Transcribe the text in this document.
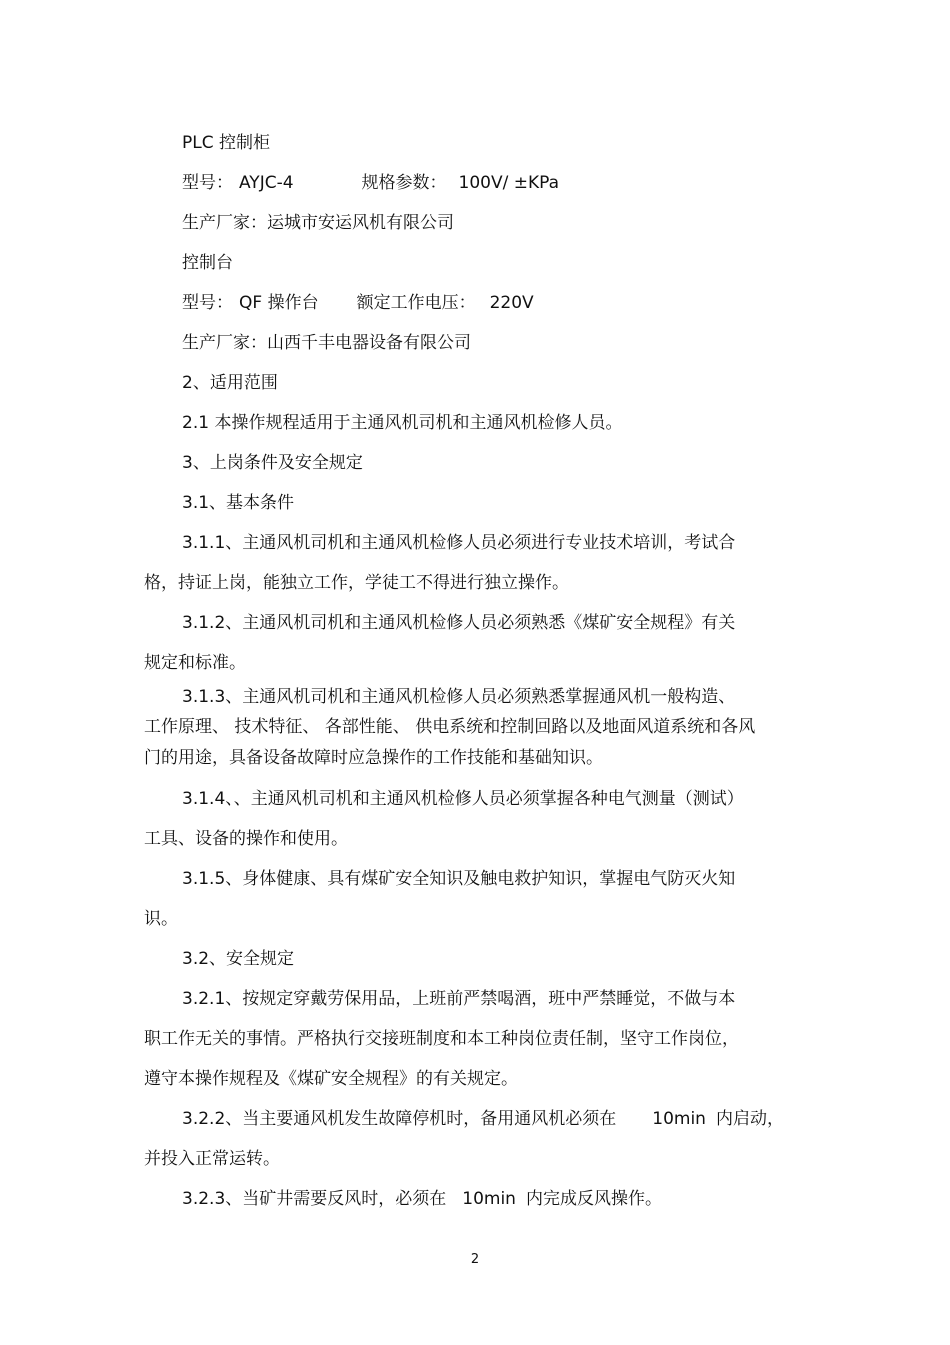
PLC 控制柜
型号： AYJC-4	规格参数： 100V/ ±KPa
生产厂家：运城市安运风机有限公司
控制台
型号： QF 操作台 额定工作电压： 220V
生产厂家：山西千丰电器设备有限公司
2、适用范围
2.1 本操作规程适用于主通风机司机和主通风机检修人员。
3、上岗条件及安全规定
3.1、基本条件
3.1.1、主通风机司机和主通风机检修人员必须进行专业技术培训，考试合
格，持证上岗，能独立工作，学徒工不得进行独立操作。
3.1.2、主通风机司机和主通风机检修人员必须熟悉《煤矿安全规程》有关
规定和标准。
3.1.3、主通风机司机和主通风机检修人员必须熟悉掌握通风机一般构造、
工作原理、 技术特征、 各部性能、 供电系统和控制回路以及地面风道系统和各风
门的用途，具备设备故障时应急操作的工作技能和基础知识。
3.1.4、、主通风机司机和主通风机检修人员必须掌握各种电气测量（测试）
工具、设备的操作和使用。
3.1.5、身体健康、具有煤矿安全知识及触电救护知识，掌握电气防灭火知
识。
3.2、安全规定
3.2.1、按规定穿戴劳保用品，上班前严禁喝酒，班中严禁睡觉，不做与本
职工作无关的事情。严格执行交接班制度和本工种岗位责任制，坚守工作岗位，
遵守本操作规程及《煤矿安全规程》的有关规定。
3.2.2、当主要通风机发生故障停机时，备用通风机必须在 10min 内启动，
并投入正常运转。
3.2.3、当矿井需要反风时，必须在 10min 内完成反风操作。
2
